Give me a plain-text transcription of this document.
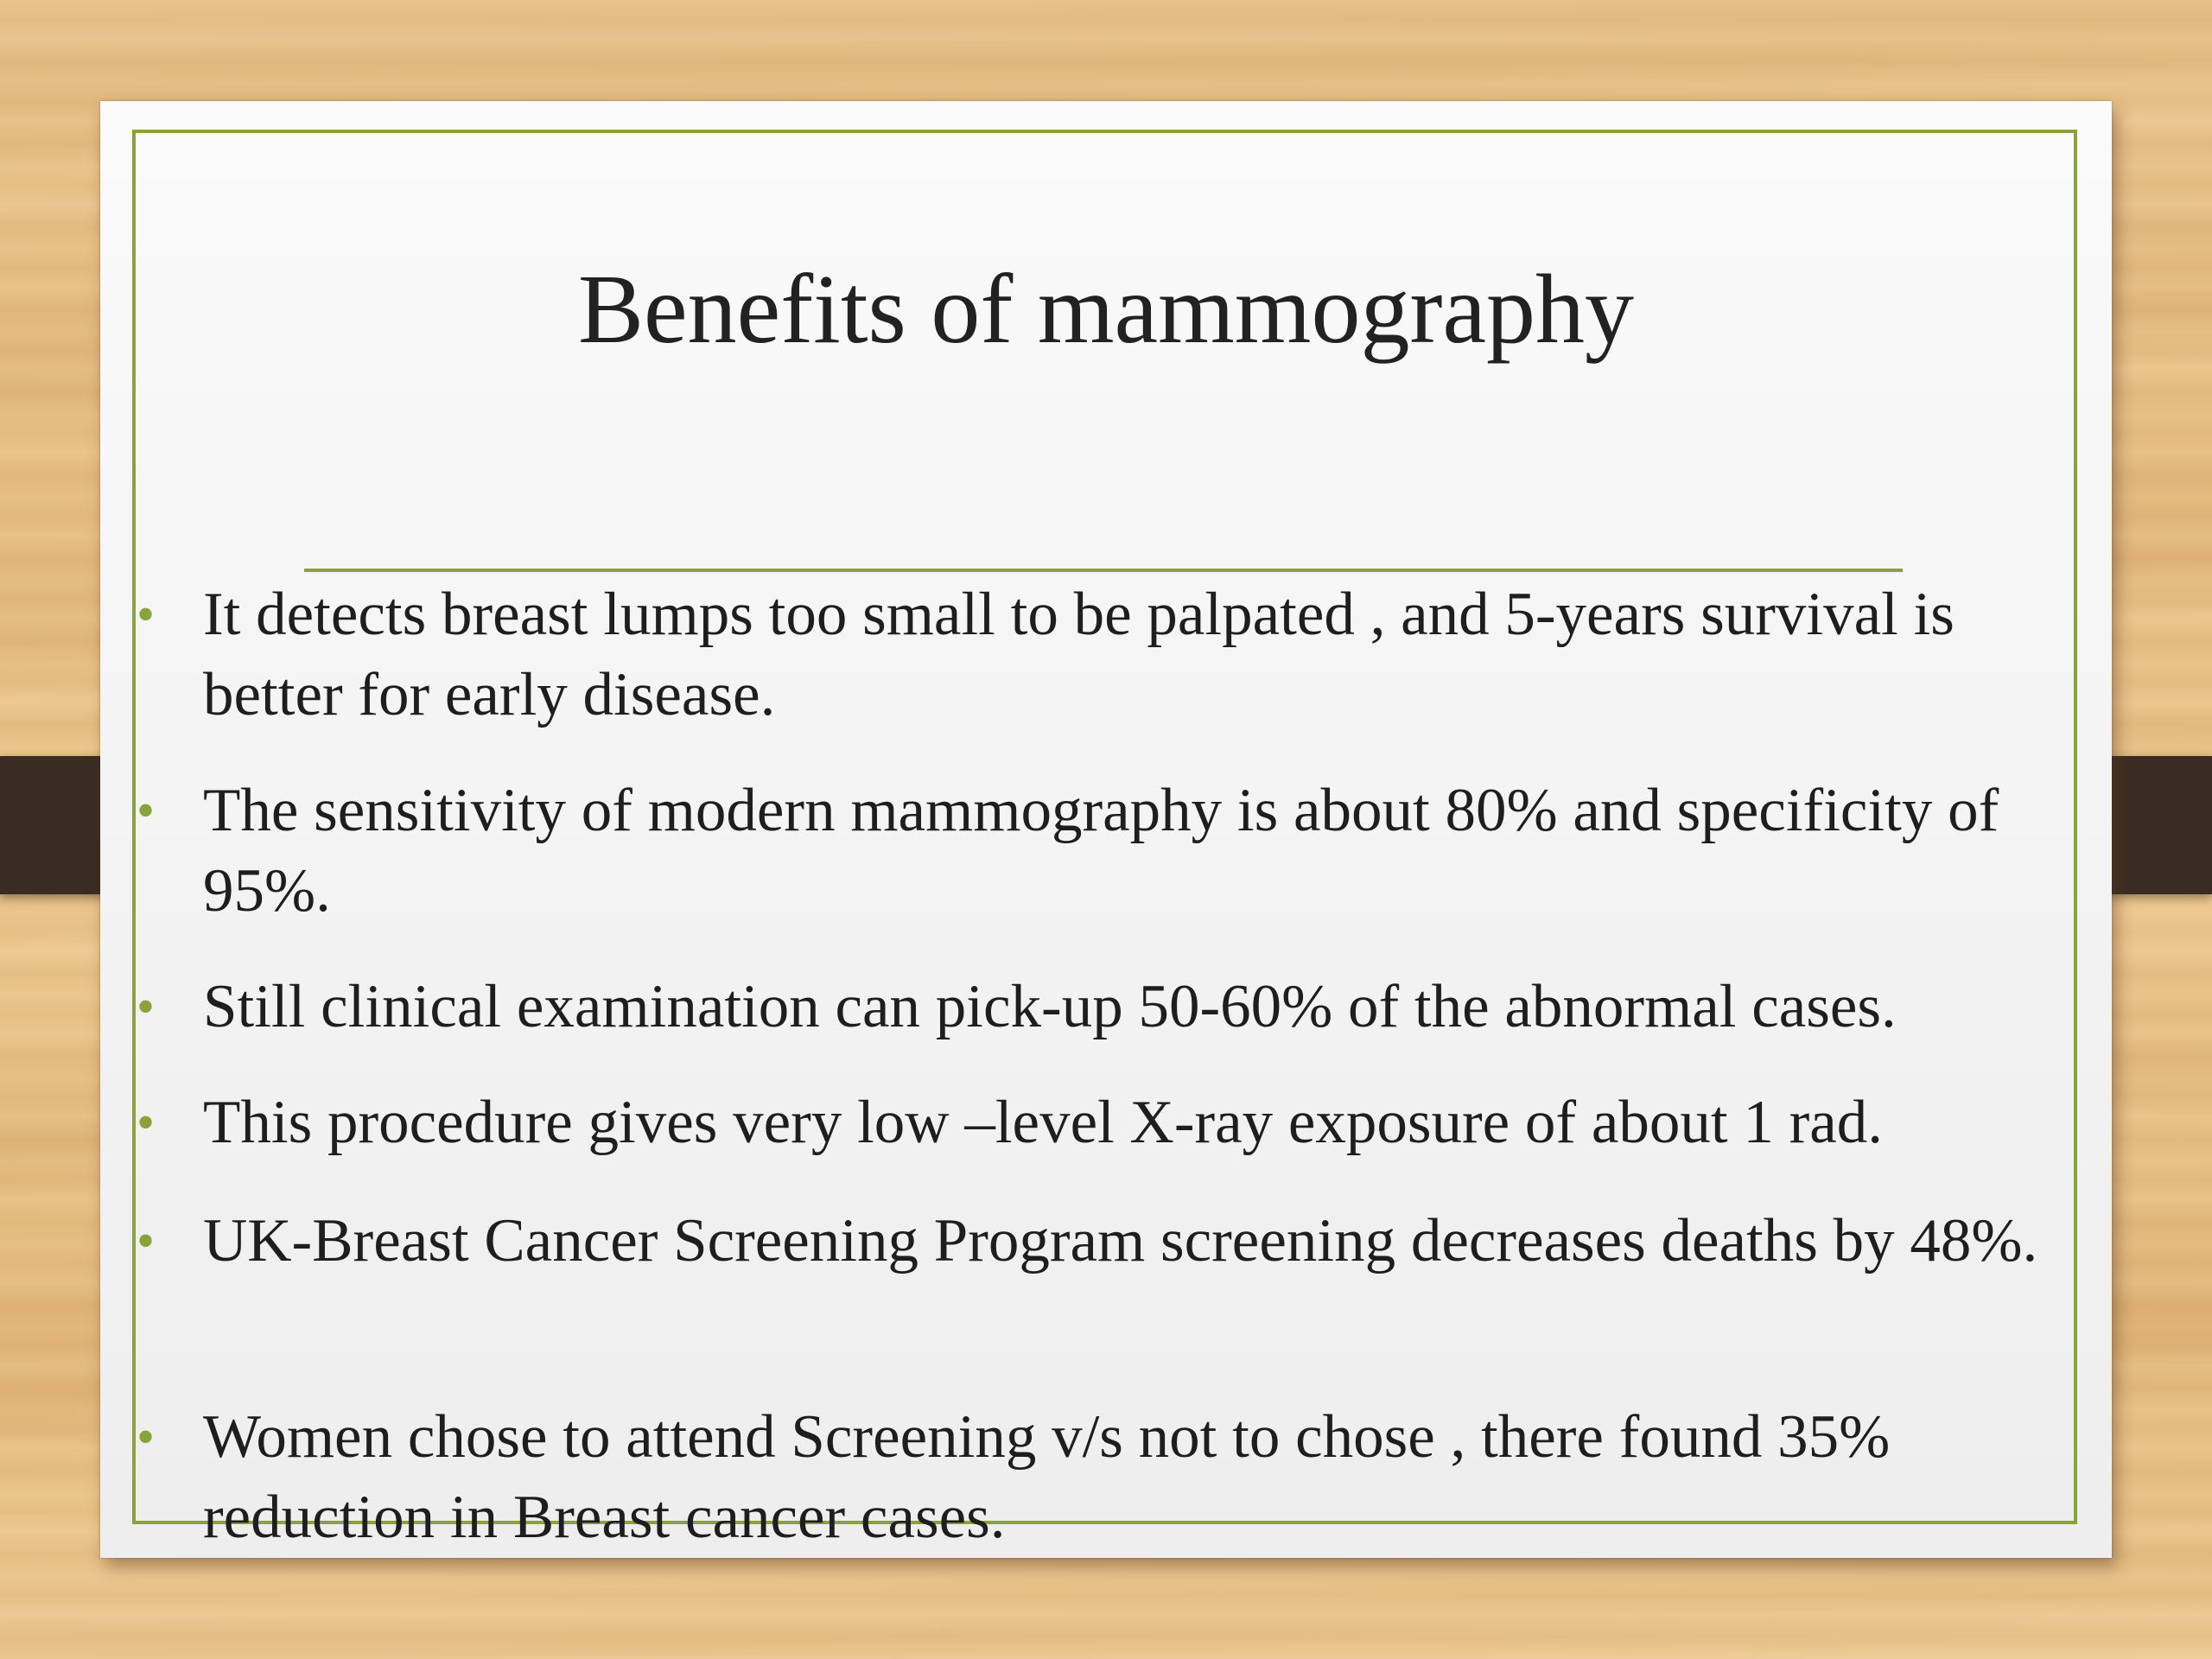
Benefits of mammography
• It detects breast lumps too small to be palpated , and 5-years survival is better for early disease.
• The sensitivity of modern mammography is about 80% and specificity of 95%.
• Still clinical examination can pick-up 50-60% of the abnormal cases.
• This procedure gives very low –level X-ray exposure of about 1 rad.
• UK-Breast Cancer Screening Program screening decreases deaths by 48%.
• Women chose to attend Screening v/s not to chose , there found 35% reduction in Breast cancer cases.
